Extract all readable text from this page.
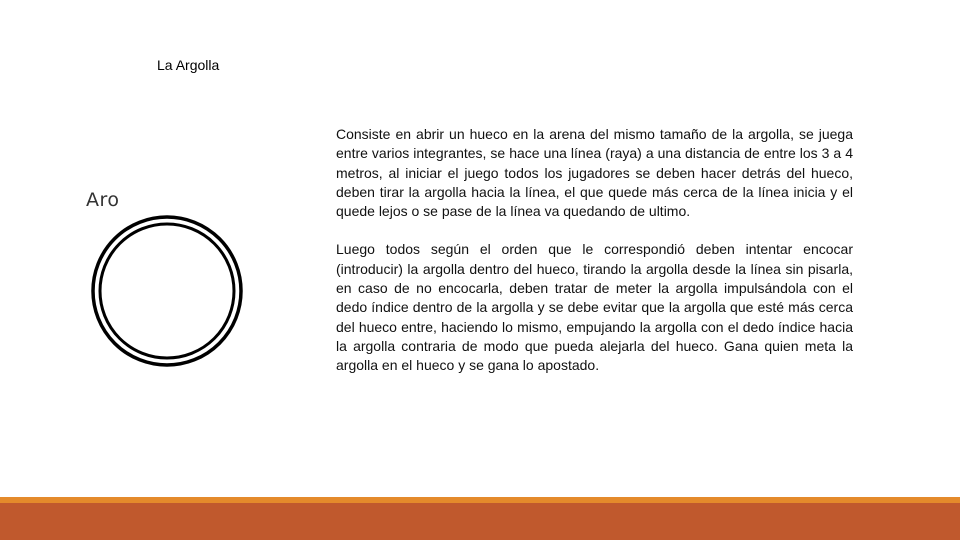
La Argolla
Aro

Consiste en abrir un hueco en la arena del mismo tamaño de la argolla, se juega entre varios integrantes, se hace una línea (raya) a una distancia de entre los 3 a 4 metros, al iniciar el juego todos los jugadores se deben hacer detrás del hueco, deben tirar la argolla hacia la línea, el que quede más cerca de la línea inicia y el quede lejos o se pase de la línea va quedando de ultimo.

Luego todos según el orden que le correspondió deben intentar encocar (introducir) la argolla dentro del hueco, tirando la argolla desde la línea sin pisarla, en caso de no encocarla, deben tratar de meter la argolla impulsándola con el dedo índice dentro de la argolla y se debe evitar que la argolla que esté más cerca del hueco entre, haciendo lo mismo, empujando la argolla con el dedo índice hacia la argolla contraria de modo que pueda alejarla del hueco. Gana quien meta la argolla en el hueco y se gana lo apostado.
